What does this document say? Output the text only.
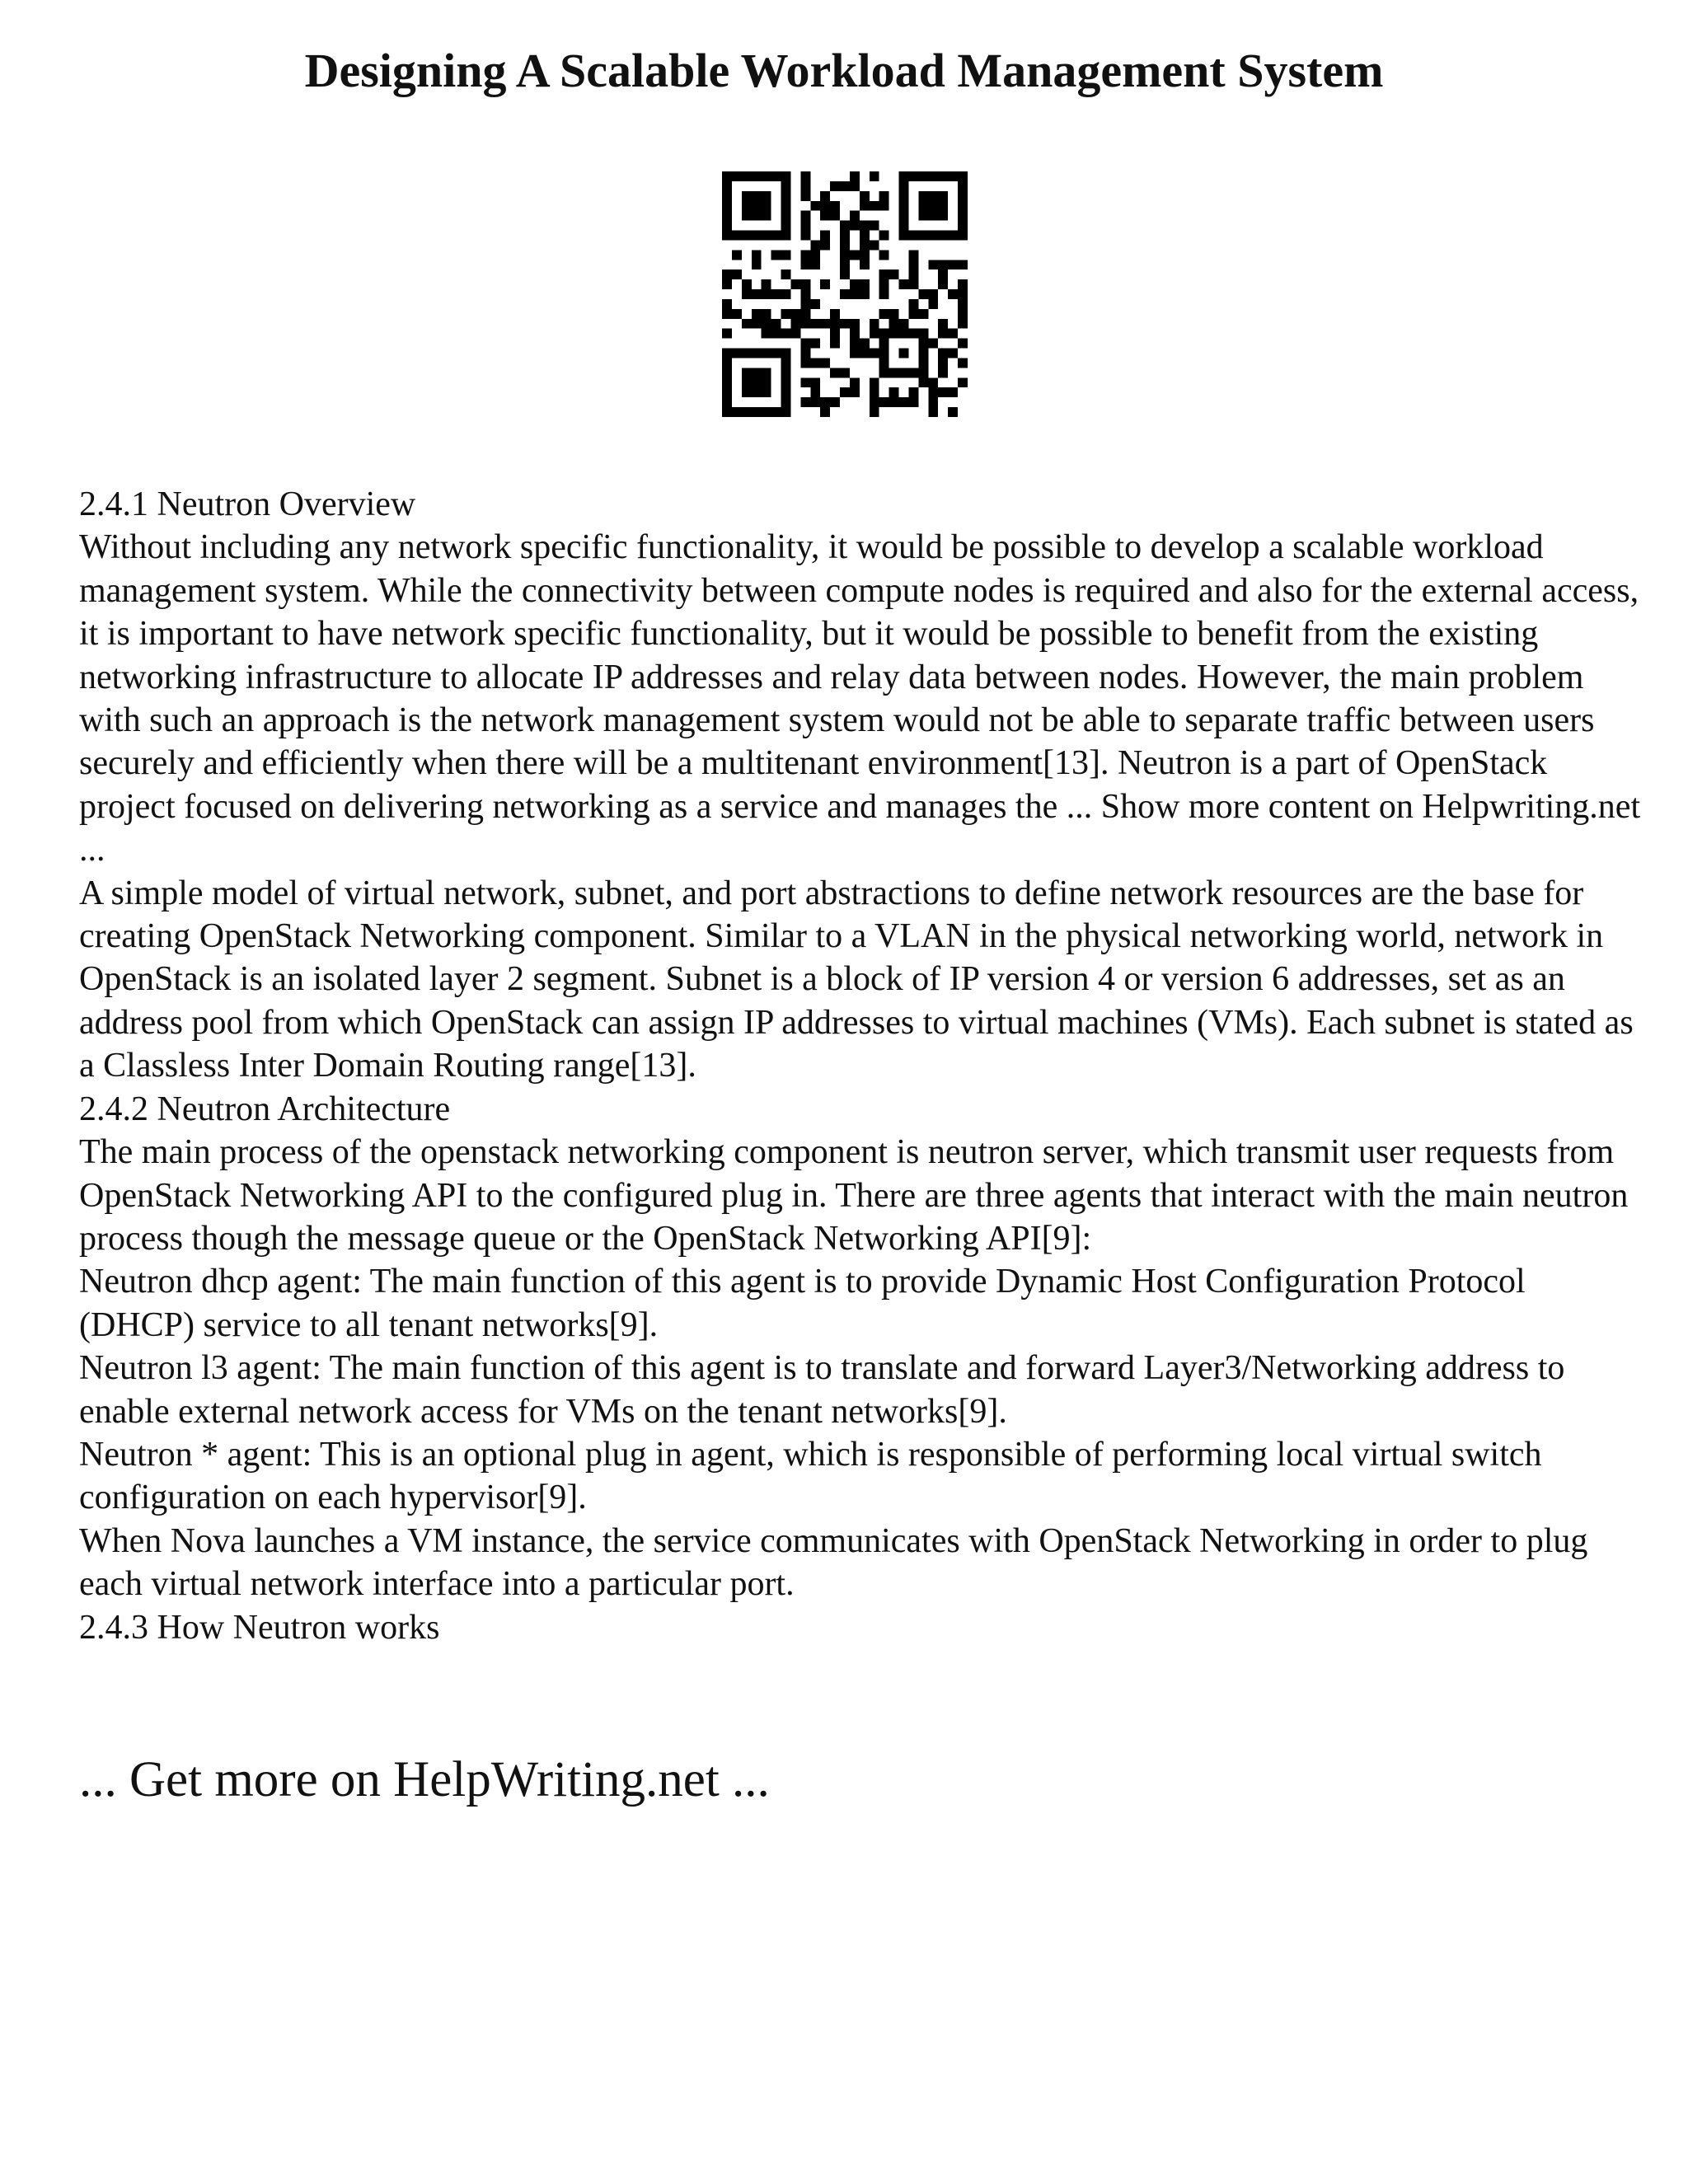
Designing A Scalable Workload Management System

2.4.1 Neutron Overview

Without including any network specific functionality, it would be possible to develop a scalable workload management system. While the connectivity between compute nodes is required and also for the external access, it is important to have network specific functionality, but it would be possible to benefit from the existing networking infrastructure to allocate IP addresses and relay data between nodes. However, the main problem with such an approach is the network management system would not be able to separate traffic between users securely and efficiently when there will be a multitenant environment[13]. Neutron is a part of OpenStack project focused on delivering networking as a service and manages the ... Show more content on Helpwriting.net ...

A simple model of virtual network, subnet, and port abstractions to define network resources are the base for creating OpenStack Networking component. Similar to a VLAN in the physical networking world, network in OpenStack is an isolated layer 2 segment. Subnet is a block of IP version 4 or version 6 addresses, set as an address pool from which OpenStack can assign IP addresses to virtual machines (VMs). Each subnet is stated as a Classless Inter Domain Routing range[13].

2.4.2 Neutron Architecture

The main process of the openstack networking component is neutron server, which transmit user requests from OpenStack Networking API to the configured plug in. There are three agents that interact with the main neutron process though the message queue or the OpenStack Networking API[9]:

Neutron dhcp agent: The main function of this agent is to provide Dynamic Host Configuration Protocol (DHCP) service to all tenant networks[9].

Neutron l3 agent: The main function of this agent is to translate and forward Layer3/Networking address to enable external network access for VMs on the tenant networks[9].

Neutron * agent: This is an optional plug in agent, which is responsible of performing local virtual switch configuration on each hypervisor[9].

When Nova launches a VM instance, the service communicates with OpenStack Networking in order to plug each virtual network interface into a particular port.

2.4.3 How Neutron works

... Get more on HelpWriting.net ...
